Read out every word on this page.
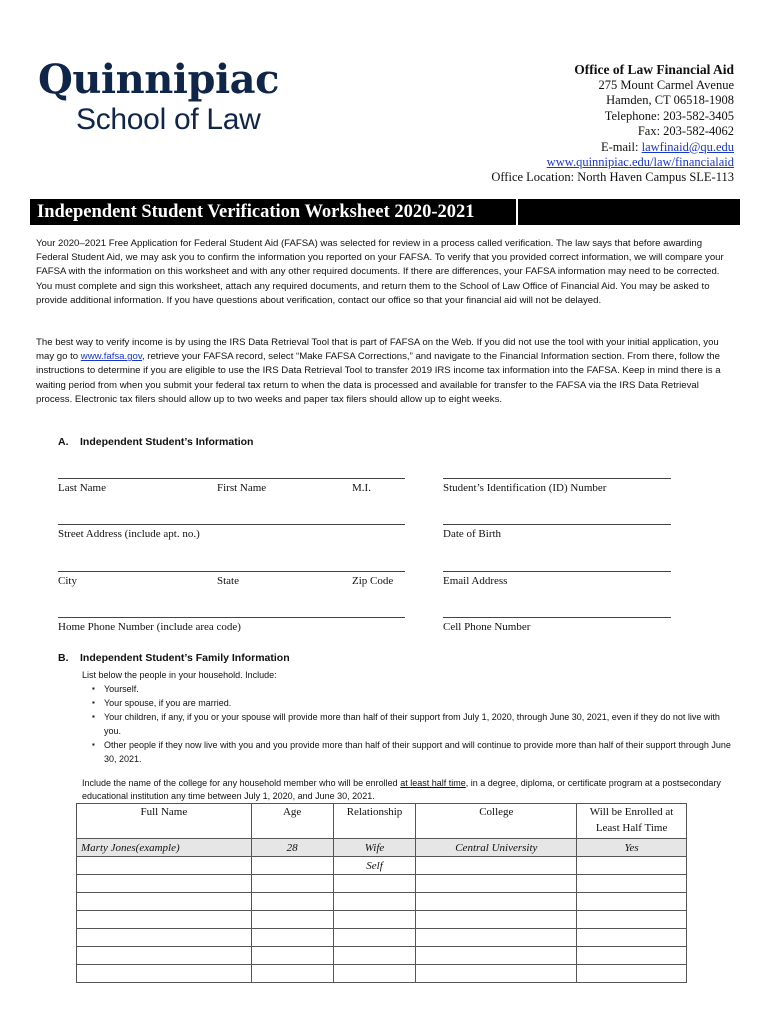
Quinnipiac
School of Law
Office of Law Financial Aid
275 Mount Carmel Avenue
Hamden, CT 06518-1908
Telephone: 203-582-3405
Fax: 203-582-4062
E-mail: lawfinaid@qu.edu
www.quinnipiac.edu/law/financialaid
Office Location: North Haven Campus SLE-113
Independent Student Verification Worksheet 2020-2021
Your 2020–2021 Free Application for Federal Student Aid (FAFSA) was selected for review in a process called verification. The law says that before awarding Federal Student Aid, we may ask you to confirm the information you reported on your FAFSA. To verify that you provided correct information, we will compare your FAFSA with the information on this worksheet and with any other required documents. If there are differences, your FAFSA information may need to be corrected. You must complete and sign this worksheet, attach any required documents, and return them to the School of Law Office of Financial Aid. You may be asked to provide additional information. If you have questions about verification, contact our office so that your financial aid will not be delayed.
The best way to verify income is by using the IRS Data Retrieval Tool that is part of FAFSA on the Web. If you did not use the tool with your initial application, you may go to www.fafsa.gov, retrieve your FAFSA record, select “Make FAFSA Corrections,” and navigate to the Financial Information section. From there, follow the instructions to determine if you are eligible to use the IRS Data Retrieval Tool to transfer 2019 IRS income tax information into the FAFSA. Keep in mind there is a waiting period from when you submit your federal tax return to when the data is processed and available for transfer to the FAFSA via the IRS Data Retrieval process. Electronic tax filers should allow up to two weeks and paper tax filers should allow up to eight weeks.
A. Independent Student’s Information
Last Name	First Name	M.I.	Student’s Identification (ID) Number
Street Address (include apt. no.)	Date of Birth
City	State	Zip Code	Email Address
Home Phone Number (include area code)	Cell Phone Number
B. Independent Student’s Family Information
List below the people in your household. Include:
▪ Yourself.
▪ Your spouse, if you are married.
▪ Your children, if any, if you or your spouse will provide more than half of their support from July 1, 2020, through June 30, 2021, even if they do not live with you.
▪ Other people if they now live with you and you provide more than half of their support and will continue to provide more than half of their support through June 30, 2021.
Include the name of the college for any household member who will be enrolled at least half time, in a degree, diploma, or certificate program at a postsecondary educational institution any time between July 1, 2020, and June 30, 2021.
Full Name	Age	Relationship	College	Will be Enrolled at Least Half Time
Marty Jones(example)	28	Wife	Central University	Yes
		Self		
